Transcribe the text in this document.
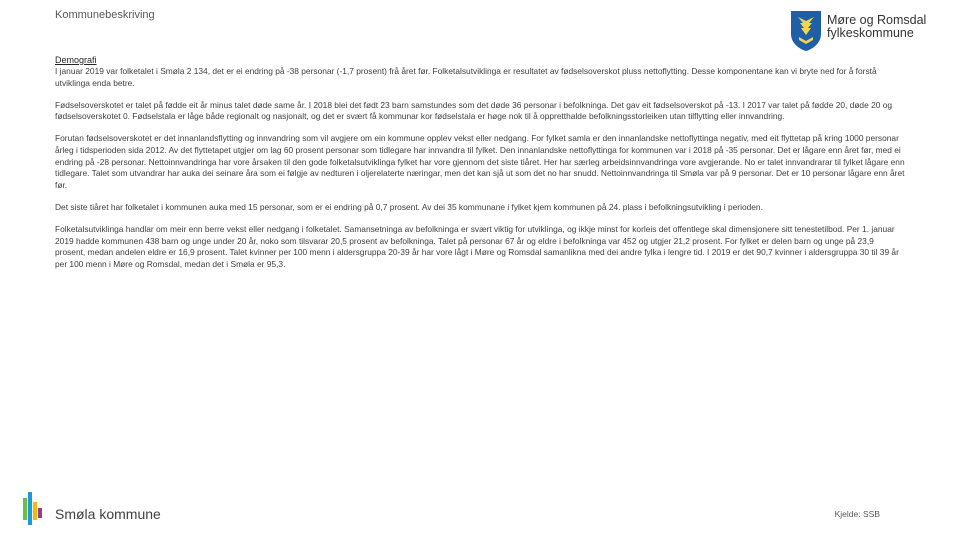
Kommunebeskriving	Møre og Romsdal
fylkeskommune
Demografi

I januar 2019 var folketalet i Smøla 2 134, det er ei endring på -38 personar (-1,7 prosent) frå året før. Folketalsutviklinga er resultatet av fødselsoverskot pluss nettoflytting. Desse komponentane kan vi bryte ned for å forstå utviklinga enda betre.

Fødselsoverskotet er talet på fødde eit år minus talet døde same år. I 2018 blei det født 23 barn samstundes som det døde 36 personar i befolkninga. Det gav eit fødselsoverskot på -13. I 2017 var talet på fødde 20, døde 20 og fødselsoverskotet 0. Fødselstala er låge både regionalt og nasjonalt, og det er svært få kommunar kor fødselstala er høge nok til å oppretthalde befolkningsstorleiken utan tilflytting eller innvandring.

Forutan fødselsoverskotet er det innanlandsflytting og innvandring som vil avgjere om ein kommune opplev vekst eller nedgang. For fylket samla er den innanlandske nettoflyttinga negativ, med eit flyttetap på kring 1000 personar årleg i tidsperioden sida 2012. Av det flyttetapet utgjer om lag 60 prosent personar som tidlegare har innvandra til fylket. Den innanlandske nettoflyttinga for kommunen var i 2018 på -35 personar. Det er lågare enn året før, med ei endring på -28 personar. Nettoinnvandringa har vore årsaken til den gode folketalsutviklinga fylket har vore gjennom det siste tiåret. Her har særleg arbeidsinnvandringa vore avgjerande. No er talet innvandrarar til fylket lågare enn tidlegare. Talet som utvandrar har auka dei seinare åra som ei følgje av nedturen i oljerelaterte næringar, men det kan sjå ut som det no har snudd. Nettoinnvandringa til Smøla var på 9 personar. Det er 10 personar lågare enn året før.

Det siste tiåret har folketalet i kommunen auka med 15 personar, som er ei endring på 0,7 prosent. Av dei 35 kommunane i fylket kjem kommunen på 24. plass i befolkningsutvikling i perioden.

Folketalsutviklinga handlar om meir enn berre vekst eller nedgang i folketalet. Samansetninga av befolkninga er svært viktig for utviklinga, og ikkje minst for korleis det offentlege skal dimensjonere sitt tenestetilbod. Per 1. januar 2019 hadde kommunen 438 barn og unge under 20 år, noko som tilsvarar 20,5 prosent av befolkninga. Talet på personar 67 år og eldre i befolkninga var 452 og utgjer 21,2 prosent. For fylket er delen barn og unge på 23,9 prosent, medan andelen eldre er 16,9 prosent. Talet kvinner per 100 menn i aldersgruppa 20-39 år har vore lågt i Møre og Romsdal samanlikna med dei andre fylka i lengre tid. I 2019 er det 90,7 kvinner i aldersgruppa 30 til 39 år per 100 menn i Møre og Romsdal, medan det i Smøla er 95,3.

Smøla kommune	Kjelde: SSB
